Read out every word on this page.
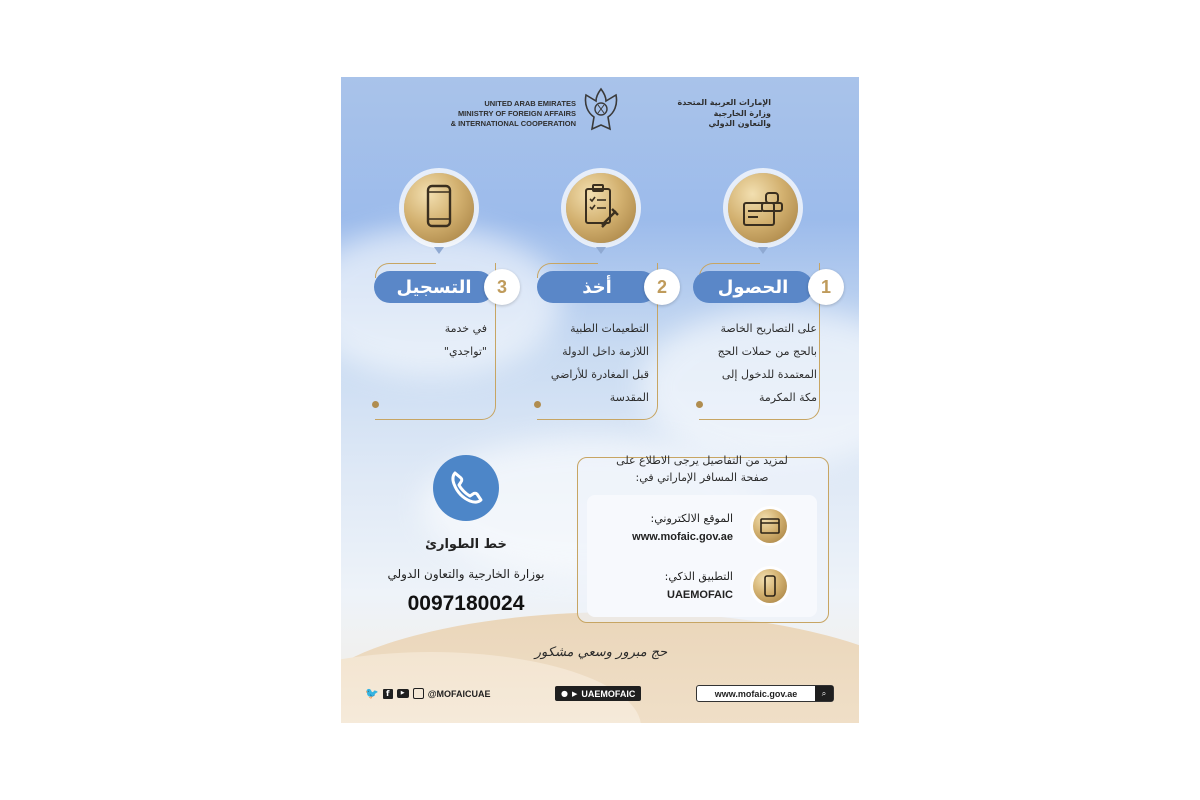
UNITED ARAB EMIRATES
MINISTRY OF FOREIGN AFFAIRS
& INTERNATIONAL COOPERATION
الإمارات العربية المتحدة
وزارة الخارجية
والتعاون الدولي
الحصول	1
على التصاريح الخاصة
بالحج من حملات الحج
المعتمدة للدخول إلى
مكة المكرمة
أخذ	2
التطعيمات الطبية
اللازمة داخل الدولة
قبل المغادرة للأراضي
المقدسة
التسجيل	3
في خدمة
"تواجدي"
لمزيد من التفاصيل يرجى الاطلاع على
صفحة المسافر الإماراتي في:
الموقع الالكتروني:
www.mofaic.gov.ae
التطبيق الذكي:
UAEMOFAIC
خط الطوارئ
بوزارة الخارجية والتعاون الدولي
0097180024
حج مبرور وسعي مشكور
🐦 f	▶	@MOFAICUAE	● ▶ UAEMOFAIC	www.mofaic.gov.ae	⌕
